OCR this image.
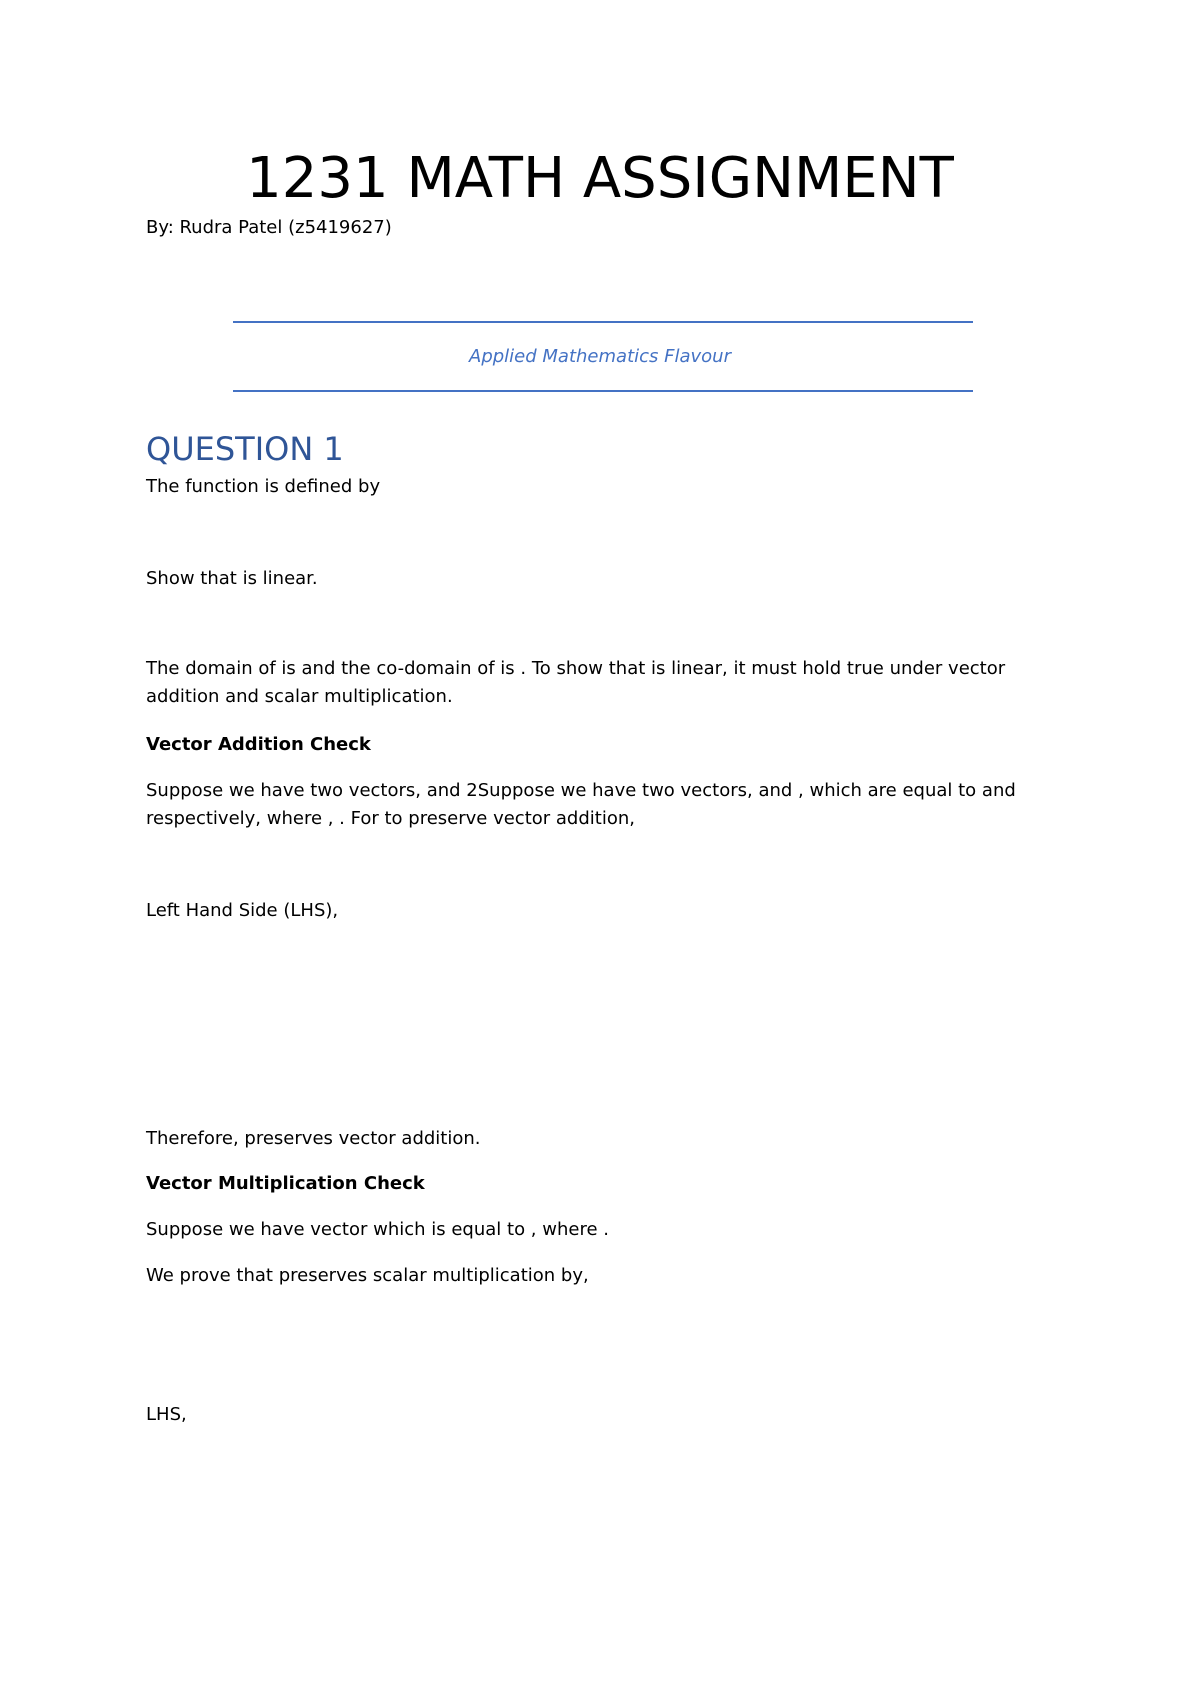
1231 MATH ASSIGNMENT
By: Rudra Patel (z5419627)
Applied Mathematics Flavour
QUESTION 1
The function is defined by
Show that is linear.
The domain of is and the co-domain of is . To show that is linear, it must hold true under vector
addition and scalar multiplication.
Vector Addition Check
Suppose we have two vectors, and 2Suppose we have two vectors, and , which are equal to and
respectively, where , . For to preserve vector addition,
Left Hand Side (LHS),
Therefore, preserves vector addition.
Vector Multiplication Check
Suppose we have vector which is equal to , where .
We prove that preserves scalar multiplication by,
LHS,
